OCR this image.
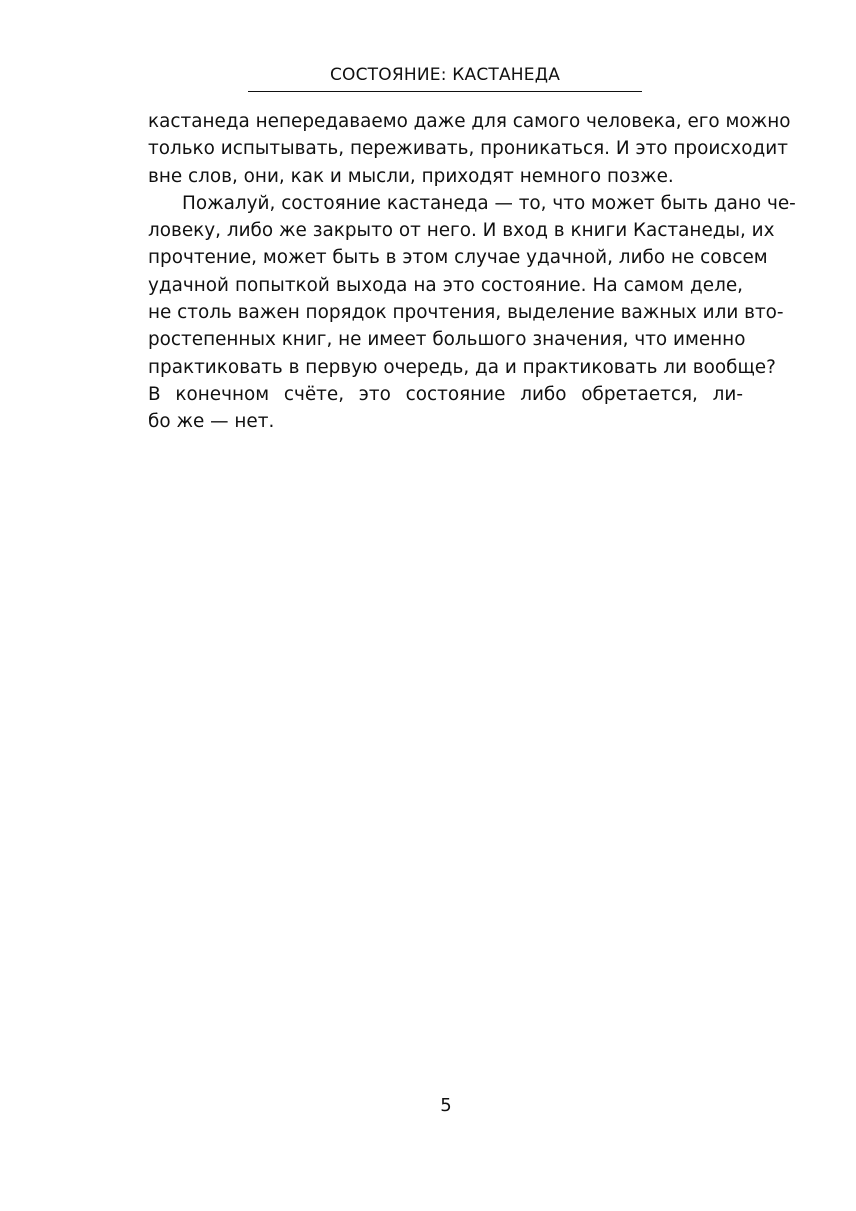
СОСТОЯНИЕ: КАСТАНЕДА
кастанеда непередаваемо даже для самого человека, его можно
только испытывать, переживать, проникаться. И это происходит
вне слов, они, как и мысли, приходят немного позже.
Пожалуй, состояние кастанеда — то, что может быть дано че-
ловеку, либо же закрыто от него. И вход в книги Кастанеды, их
прочтение, может быть в этом случае удачной, либо не совсем
удачной попыткой выхода на это состояние. На самом деле,
не столь важен порядок прочтения, выделение важных или вто-
ростепенных книг, не имеет большого значения, что именно
практиковать в первую очередь, да и практиковать ли вообще?
В конечном счёте, это состояние либо обретается, ли-
бо же — нет.
5
